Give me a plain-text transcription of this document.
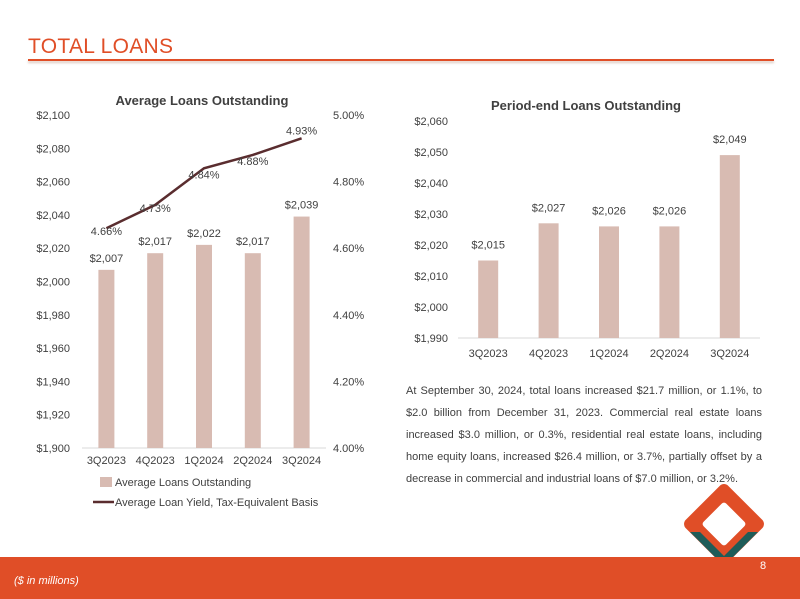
TOTAL LOANS
Average Loans Outstanding
$2,100
$2,080
$2,060
$2,040
$2,020
$2,000
$1,980
$1,960
$1,940
$1,920
$1,900
5.00%
4.80%
4.60%
4.40%
4.20%
4.00%
$2,007
3Q2023
$2,017
4Q2023
$2,022
1Q2024
$2,017
2Q2024
$2,039
3Q2024
4.66%
4.73%
4.84%
4.88%
4.93%
Average Loans Outstanding
Average Loan Yield, Tax-Equivalent Basis
Period-end Loans Outstanding
$2,060
$2,050
$2,040
$2,030
$2,020
$2,010
$2,000
$1,990
$2,015
3Q2023
$2,027
4Q2023
$2,026
1Q2024
$2,026
2Q2024
$2,049
3Q2024
At September 30, 2024, total loans increased $21.7 million, or 1.1%, to $2.0 billion from December 31, 2023. Commercial real estate loans increased $3.0 million, or 0.3%, residential real estate loans, including home equity loans, increased $26.4 million, or 3.7%, partially offset by a decrease in commercial and industrial loans of $7.0 million, or 3.2%.
($ in millions)
8
